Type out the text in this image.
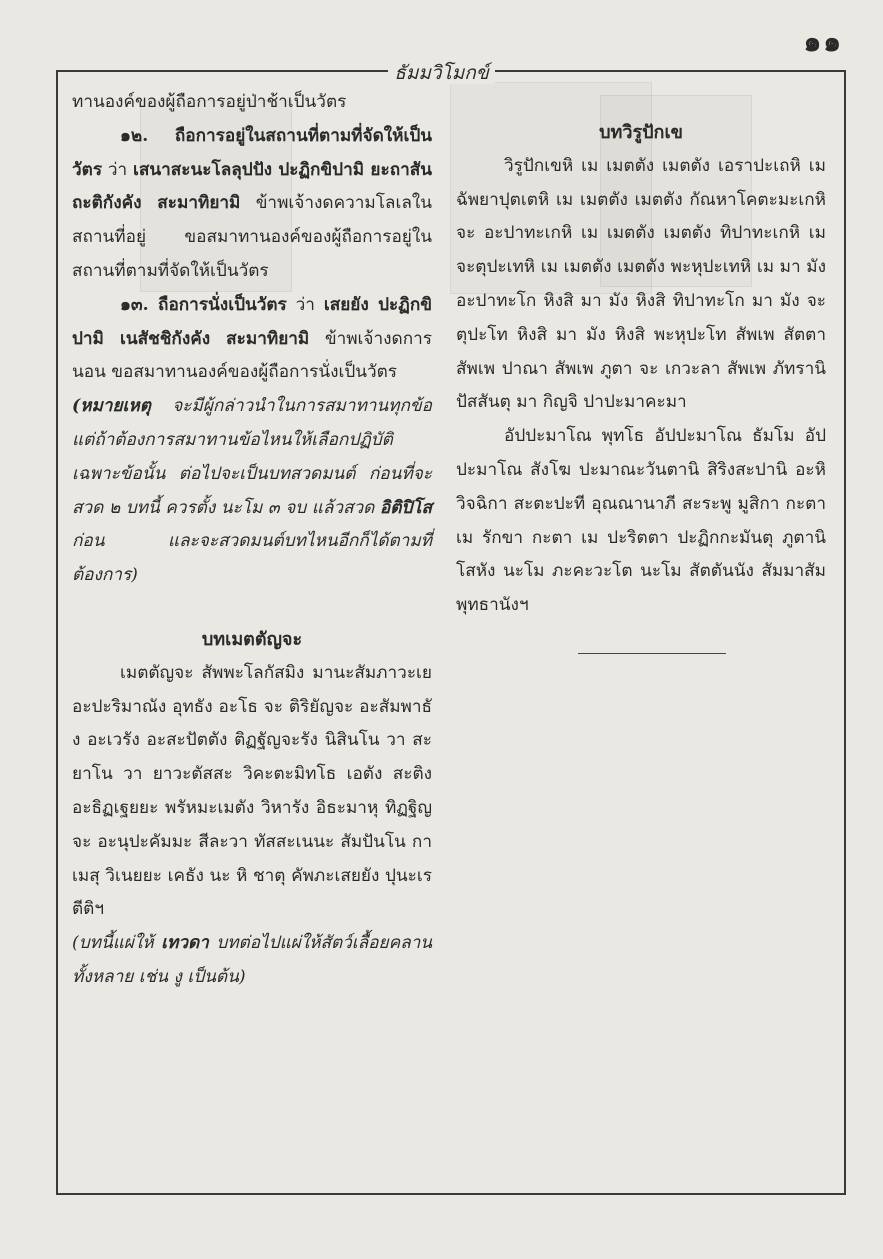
๑๑
ธัมมวิโมกข์

ทานองค์ของผู้ถือการอยู่ป่าช้าเป็นวัตร

๑๒. ถือการอยู่ในสถานที่ตามที่จัดให้เป็นวัตร ว่า เสนาสะนะโลลุปปัง ปะฏิกขิปามิ ยะถาสันถะติกังคัง สะมาทิยามิ ข้าพเจ้างดความโลเลในสถานที่อยู่ ขอสมาทานองค์ของผู้ถือการอยู่ในสถานที่ตามที่จัดให้เป็นวัตร

๑๓. ถือการนั่งเป็นวัตร ว่า เสยยัง ปะฏิกขิปามิ เนสัชชิกังคัง สะมาทิยามิ ข้าพเจ้างดการนอน ขอสมาทานองค์ของผู้ถือการนั่งเป็นวัตร

(หมายเหตุ จะมีผู้กล่าวนำในการสมาทานทุกข้อแต่ถ้าต้องการสมาทานข้อไหนให้เลือกปฏิบัติเฉพาะข้อนั้น ต่อไปจะเป็นบทสวดมนต์ ก่อนที่จะสวด ๒ บทนี้ ควรตั้ง นะโม ๓ จบ แล้วสวด อิติปิโส ก่อน และจะสวดมนต์บทไหนอีกก็ได้ตามที่ต้องการ)

บทเมตตัญจะ

เมตตัญจะ สัพพะโลกัสมิง มานะสัมภาวะเย อะปะริมาณัง อุทธัง อะโธ จะ ติริยัญจะ อะสัมพาธัง อะเวรัง อะสะปัตตัง ติฏฐัญจะรัง นิสินโน วา สะยาโน วา ยาวะตัสสะ วิคะตะมิทโธ เอตัง สะติง อะธิฏเฐยยะ พรัหมะเมตัง วิหารัง อิธะมาหุ ทิฏฐิญจะ อะนุปะคัมมะ สีละวา ทัสสะเนนะ สัมปันโน กาเมสุ วิเนยยะ เคธัง นะ หิ ชาตุ คัพภะเสยยัง ปุนะเรตีติฯ

(บทนี้แผ่ให้ เทวดา บทต่อไปแผ่ให้สัตว์เลื้อยคลานทั้งหลาย เช่น งู เป็นต้น)

บทวิรูปักเข

วิรูปักเขหิ เม เมตตัง เมตตัง เอราปะเถหิ เม ฉัพยาปุตเตหิ เม เมตตัง เมตตัง กัณหาโคตะมะเกหิ จะ อะปาทะเกหิ เม เมตตัง เมตตัง ทิปาทะเกหิ เม จะตุปะเทหิ เม เมตตัง เมตตัง พะหุปะเทหิ เม มา มัง อะปาทะโก หิงสิ มา มัง หิงสิ ทิปาทะโก มา มัง จะ ตุปะโท หิงสิ มา มัง หิงสิ พะหุปะโท สัพเพ สัตตา สัพเพ ปาณา สัพเพ ภูตา จะ เกวะลา สัพเพ ภัทรานิ ปัสสันตุ มา กิญจิ ปาปะมาคะมา

อัปปะมาโณ พุทโธ อัปปะมาโณ ธัมโม อัปปะมาโณ สังโฆ ปะมาณะวันตานิ สิริงสะปานิ อะหิ วิจฉิกา สะตะปะที อุณณานาภี สะระพู มูสิกา กะตา เม รักขา กะตา เม ปะริตตา ปะฏิกกะมันตุ ภูตานิ โสหัง นะโม ภะคะวะโต นะโม สัตตันนัง สัมมาสัมพุทธานังฯ
